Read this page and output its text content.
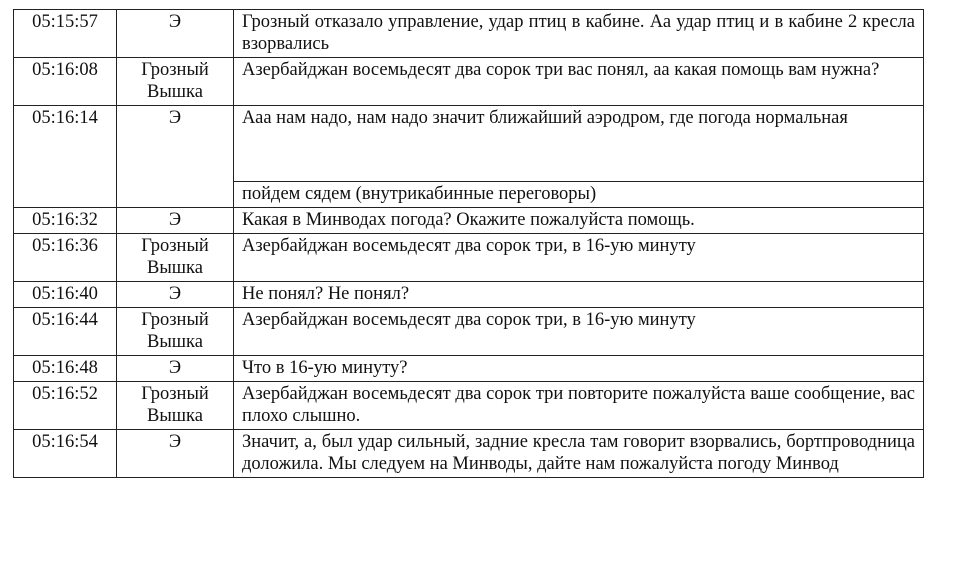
05:15:57	Э	Грозный отказало управление, удар птиц в кабине. Аа удар птиц и в кабине 2 кресла взорвались
05:16:08	Грозный Вышка	Азербайджан восемьдесят два сорок три вас понял, аа какая помощь вам нужна?
05:16:14	Э	Ааа нам надо, нам надо значит ближайший аэродром, где погода нормальная
		пойдем сядем (внутрикабинные переговоры)
05:16:32	Э	Какая в Минводах погода? Окажите пожалуйста помощь.
05:16:36	Грозный Вышка	Азербайджан восемьдесят два сорок три, в 16-ую минуту
05:16:40	Э	Не понял? Не понял?
05:16:44	Грозный Вышка	Азербайджан восемьдесят два сорок три, в 16-ую минуту
05:16:48	Э	Что в 16-ую минуту?
05:16:52	Грозный Вышка	Азербайджан восемьдесят два сорок три повторите пожалуйста ваше сообщение, вас плохо слышно.
05:16:54	Э	Значит, а, был удар сильный, задние кресла там говорит взорвались, бортпроводница доложила. Мы следуем на Минводы, дайте нам пожалуйста погоду Минвод
